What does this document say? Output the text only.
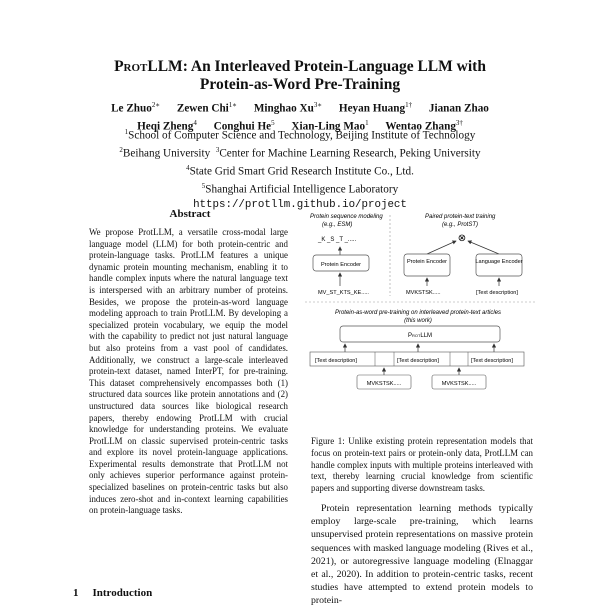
ProtLLM: An Interleaved Protein-Language LLM with
Protein-as-Word Pre-Training
Le Zhuo$^{2∗}$ Zewen Chi$^{1∗}$ Minghao $Xu^{3∗}$ Heyan Huang$^{1\dagger}$ Jianan Zhao
Heqi Zheng$^4$ Conghui He$^5$ Xian-Ling Mao$^1$ Wentao Zhang$^{3\dagger}$
$^1$School of Computer Science and Technology, Beijing Institute of Technology
$^2$Beihang University $^3$Center for Machine Learning Research, Peking University
$^4$State Grid Smart Grid Research Institute Co., Ltd.
$^5$Shanghai Artificial Intelligence Laboratory
https://protllm.github.io/project
Abstract

We propose ProtLLM, a versatile cross-modal large language model (LLM) for both protein-centric and protein-language tasks. ProtLLM features a unique dynamic protein mounting mechanism, enabling it to handle complex inputs where the natural language text is interspersed with an arbitrary number of proteins. Besides, we propose the protein-as-word language modeling approach to train ProtLLM. By developing a specialized protein vocabulary, we equip the model with the capability to predict not just natural language but also proteins from a vast pool of candidates. Additionally, we construct a large-scale interleaved protein-text dataset, named InterPT, for pre-training. This dataset comprehensively encompasses both (1) structured data sources like protein annotations and (2) unstructured data sources like biological research papers, thereby endowing ProtLLM with crucial knowledge for understanding proteins. We evaluate ProtLLM on classic supervised protein-centric tasks and explore its novel protein-language applications. Experimental results demonstrate that ProtLLM not only achieves superior performance against protein-specialized baselines on protein-centric tasks but also induces zero-shot and in-context learning capabilities on protein-language tasks.

1 Introduction
Protein sequence modeling
(e.g., ESM)
_K _S _T _.....
Protein Encoder
MV_ST_KTS_KE.....
Paired protein-text training
(e.g., ProtST)
⊗
Protein Encoder	Language Encoder
MVKSTSK.....	[Text description]
Protein-as-word pre-training on interleaved protein-text articles
(this work)
ProtLLM
[Text description]	[Text description]	[Text description]
MVKSTSK.....	MVKSTSK.....
Figure 1: Unlike existing protein representation models that focus on protein-text pairs or protein-only data, ProtLLM can handle complex inputs with multiple proteins interleaved with text, thereby learning crucial knowledge from scientific papers and supporting diverse downstream tasks.
Protein representation learning methods typically employ large-scale pre-training, which learns unsupervised protein representations on massive protein sequences with masked language modeling (Rives et al., 2021), or autoregressive language modeling (Elnaggar et al., 2020). In addition to protein-centric tasks, recent studies have attempted to extend protein models to protein-
